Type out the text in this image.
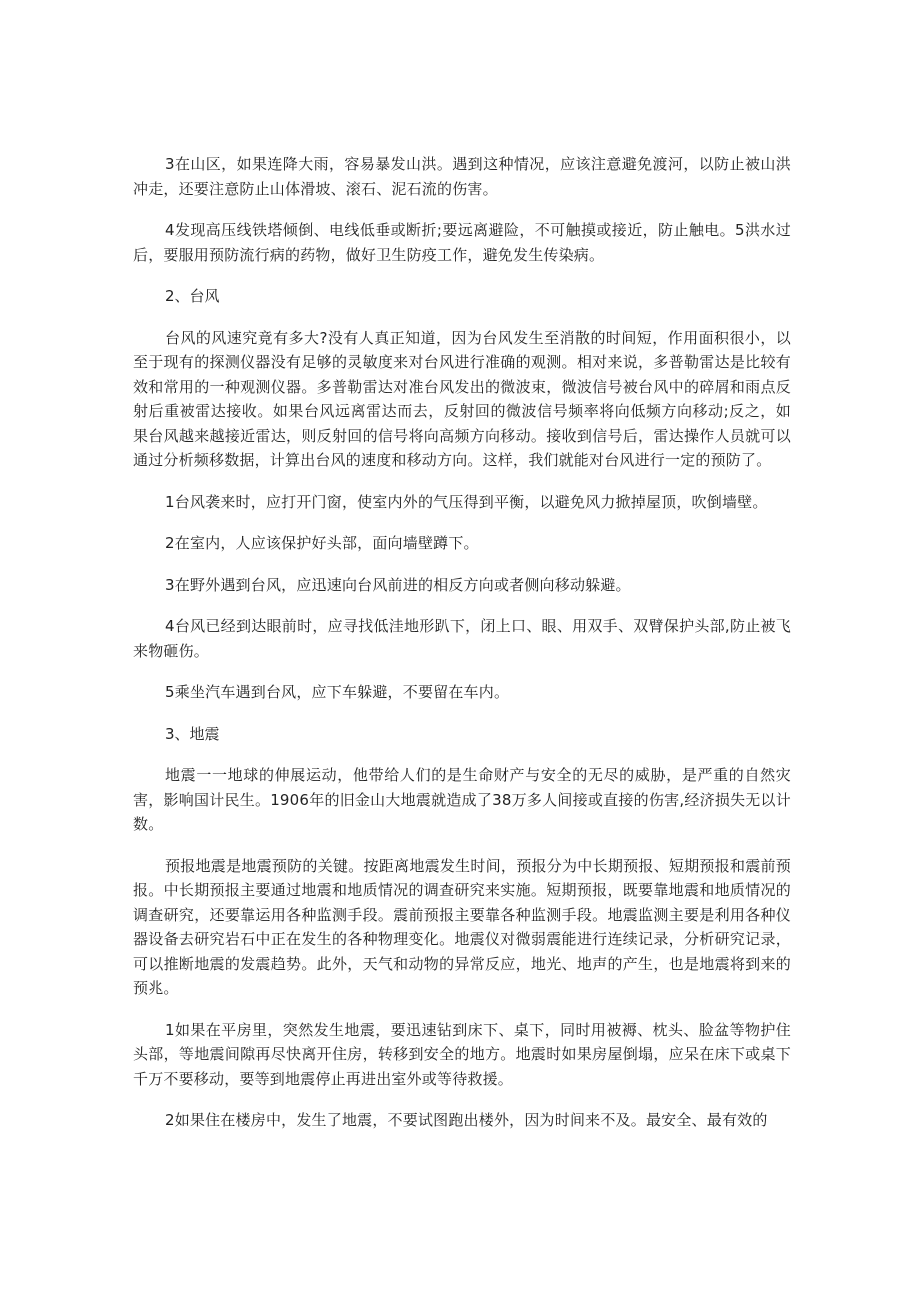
3在山区，如果连降大雨，容易暴发山洪。遇到这种情况，应该注意避免渡河，以防止被山洪冲走，还要注意防止山体滑坡、滚石、泥石流的伤害。

4发现高压线铁塔倾倒、电线低垂或断折;要远离避险，不可触摸或接近，防止触电。5洪水过后，要服用预防流行病的药物，做好卫生防疫工作，避免发生传染病。

2、台风

台风的风速究竟有多大?没有人真正知道，因为台风发生至消散的时间短，作用面积很小，以至于现有的探测仪器没有足够的灵敏度来对台风进行准确的观测。相对来说，多普勒雷达是比较有效和常用的一种观测仪器。多普勒雷达对准台风发出的微波束，微波信号被台风中的碎屑和雨点反射后重被雷达接收。如果台风远离雷达而去，反射回的微波信号频率将向低频方向移动;反之，如果台风越来越接近雷达，则反射回的信号将向高频方向移动。接收到信号后，雷达操作人员就可以通过分析频移数据，计算出台风的速度和移动方向。这样，我们就能对台风进行一定的预防了。

1台风袭来时，应打开门窗，使室内外的气压得到平衡，以避免风力掀掉屋顶，吹倒墙壁。

2在室内，人应该保护好头部，面向墙壁蹲下。

3在野外遇到台风，应迅速向台风前进的相反方向或者侧向移动躲避。

4台风已经到达眼前时，应寻找低洼地形趴下，闭上口、眼、用双手、双臂保护头部,防止被飞来物砸伤。

5乘坐汽车遇到台风，应下车躲避，不要留在车内。

3、地震

地震一一地球的伸展运动，他带给人们的是生命财产与安全的无尽的威胁，是严重的自然灾害，影响国计民生。1906年的旧金山大地震就造成了38万多人间接或直接的伤害,经济损失无以计数。

预报地震是地震预防的关键。按距离地震发生时间，预报分为中长期预报、短期预报和震前预报。中长期预报主要通过地震和地质情况的调查研究来实施。短期预报，既要靠地震和地质情况的调查研究，还要靠运用各种监测手段。震前预报主要靠各种监测手段。地震监测主要是利用各种仪器设备去研究岩石中正在发生的各种物理变化。地震仪对微弱震能进行连续记录，分析研究记录，可以推断地震的发震趋势。此外，天气和动物的异常反应，地光、地声的产生，也是地震将到来的预兆。

1如果在平房里，突然发生地震，要迅速钻到床下、桌下，同时用被褥、枕头、脸盆等物护住头部，等地震间隙再尽快离开住房，转移到安全的地方。地震时如果房屋倒塌，应呆在床下或桌下千万不要移动，要等到地震停止再进出室外或等待救援。

2如果住在楼房中，发生了地震，不要试图跑出楼外，因为时间来不及。最安全、最有效的
